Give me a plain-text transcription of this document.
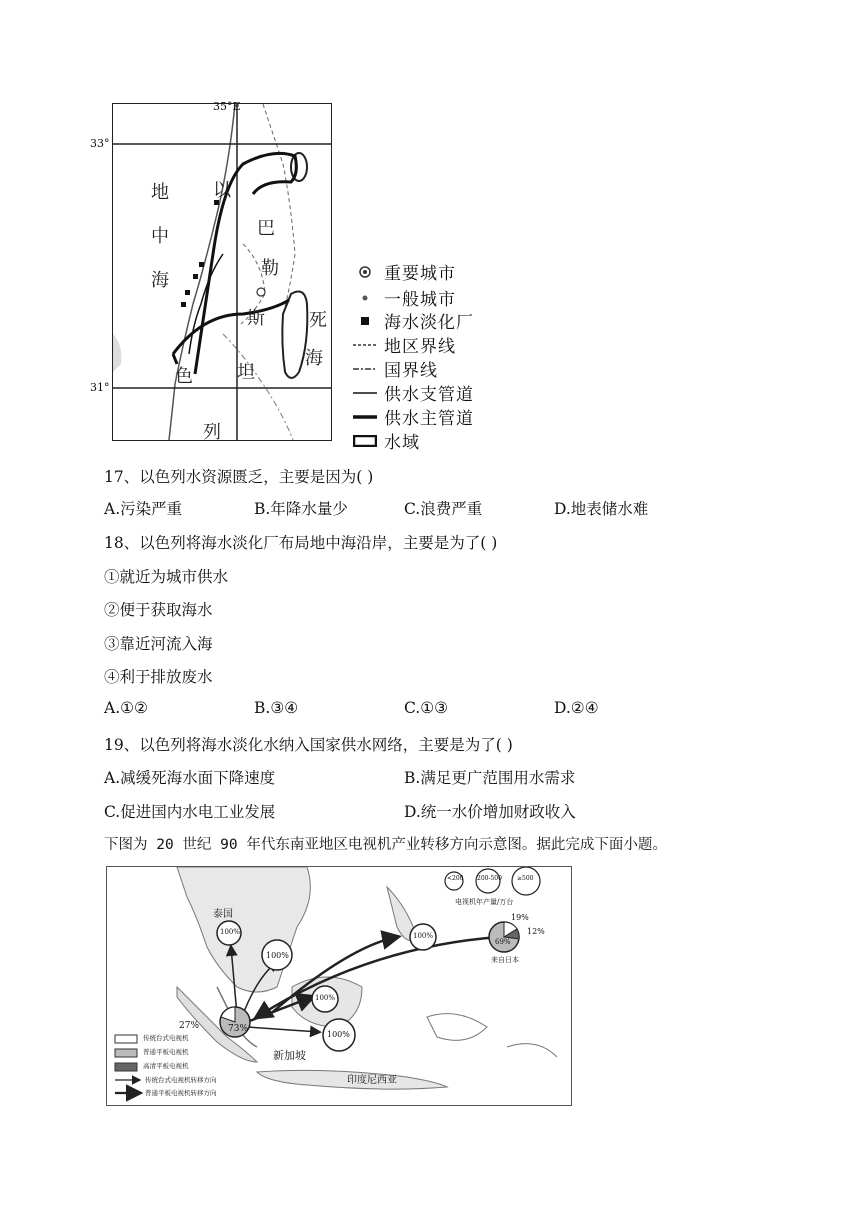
35°E
地
中
海
巴
勒
斯
坦
以
色
列
死
海
33°
31°
重要城市
一般城市
海水淡化厂
地区界线
国界线
供水支管道
供水主管道
水域
17、以色列水资源匮乏，主要是因为( )
A.污染严重	B.年降水量少	C.浪费严重	D.地表储水难
18、以色列将海水淡化厂布局地中海沿岸，主要是为了( )
①就近为城市供水
②便于获取海水
③靠近河流入海
④利于排放废水
A.①②	B.③④	C.①③	D.②④
19、以色列将海水淡化水纳入国家供水网络，主要是为了( )
A.减缓死海水面下降速度	B.满足更广范围用水需求
C.促进国内水电工业发展	D.统一水价增加财政收入
下图为 20 世纪 90 年代东南亚地区电视机产业转移方向示意图。据此完成下面小题。
<200 200-500	≥500
电视机年产量/万台
泰国
新加坡
印度尼西亚
来自日本
100%
100%
100%
100%
100%
73%
27%
19%
12%
69%
传统台式电视机
普通平板电视机
高清平板电视机
传统台式电视机转移方向
普通平板电视机转移方向
